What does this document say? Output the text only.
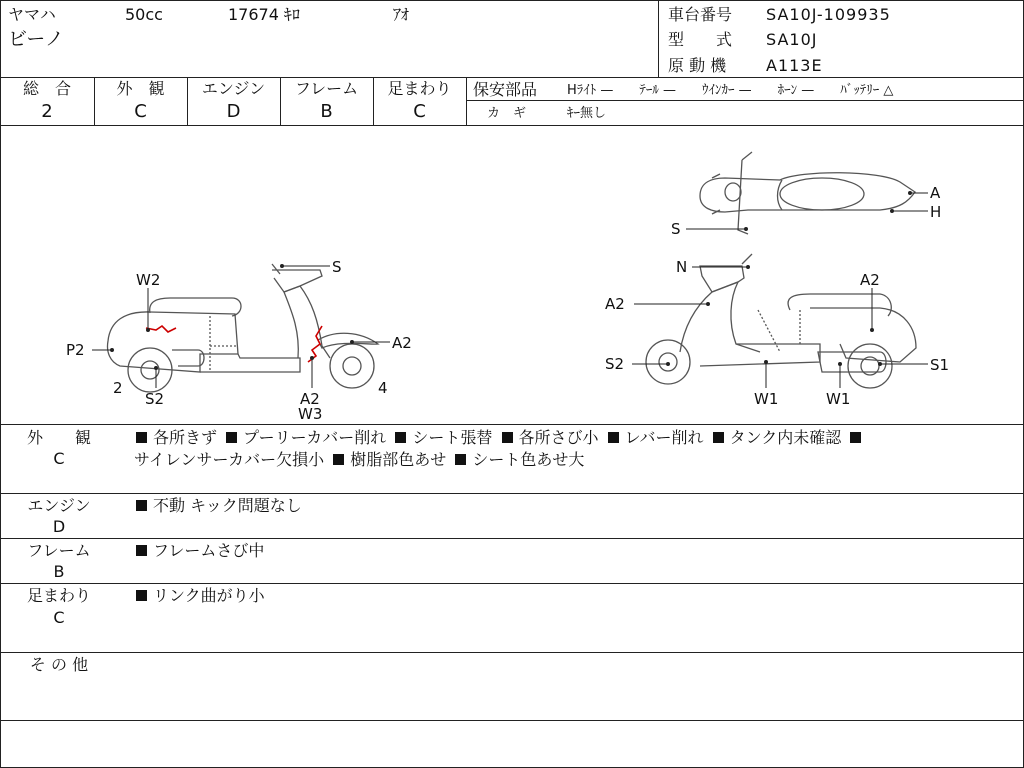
ヤマハ	50cc	17674 ｷﾛ	ｱｵ
ビーノ
車台番号 SA10J-109935
型　　式 SA10J
原 動 機 A113E
総　合
2
外　観
C
エンジン
D
フレーム
B
足まわり
C
保安部品 Hﾗｲﾄ —　　ﾃｰﾙ —　　ｳｲﾝｶｰ —　　ﾎｰﾝ —　　ﾊﾞｯﾃﾘｰ △
カ　ギ	ｷｰ無し
S
W2
P2
2
S2	A2
W3
4
A2
A
H
S
N
A2
A2
S2
W1	W1
S1
外　　観
C
各所きず プーリーカバー削れ シート張替 各所さび小 レバー削れ タンク内未確認
サイレンサーカバー欠損小 樹脂部色あせ シート色あせ大
エンジン
D
不動 キック問題なし
フレーム
B
フレームさび中
足まわり
C
リンク曲がり小
そ の 他
